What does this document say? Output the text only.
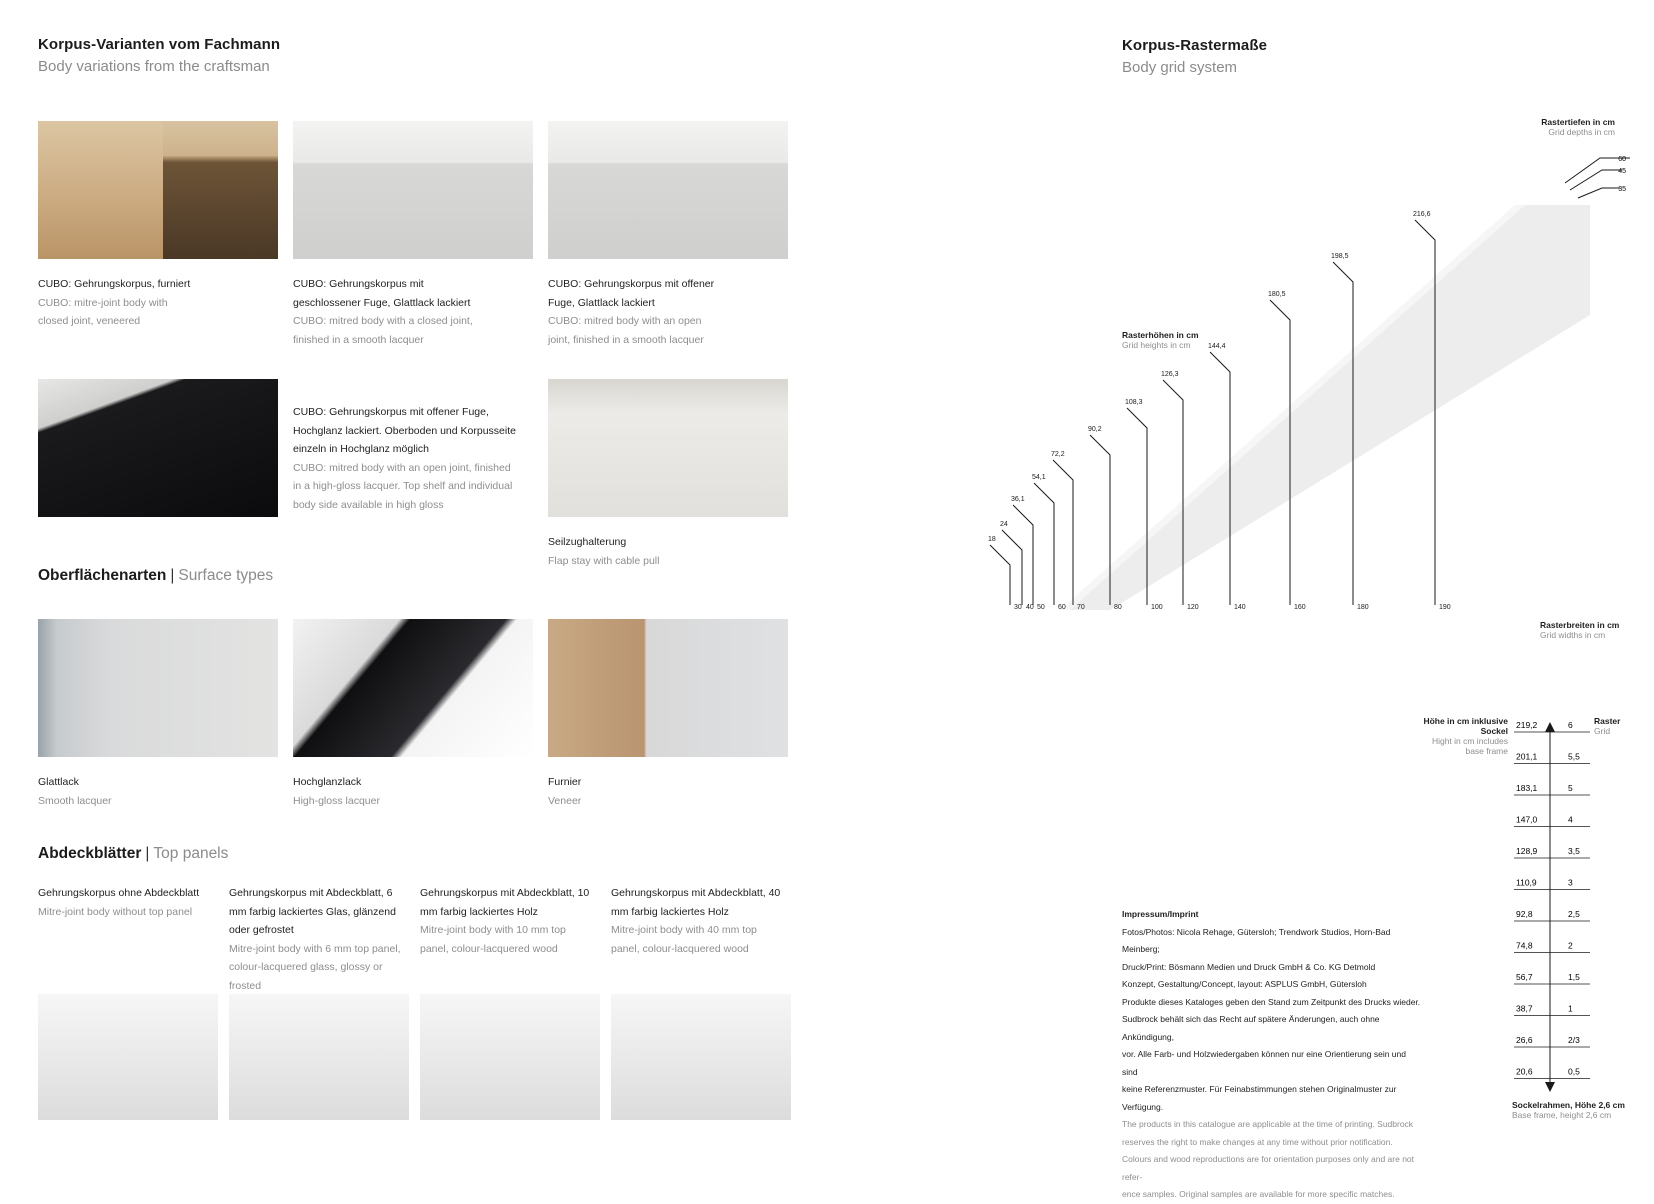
Korpus-Varianten vom Fachmann
Body variations from the craftsman
CUBO: Gehrungskorpus, furniert
CUBO: mitre-joint body with closed joint, veneered
CUBO: Gehrungskorpus mit geschlossener Fuge, Glattlack lackiert
CUBO: mitred body with a closed joint, finished in a smooth lacquer
CUBO: Gehrungskorpus mit offener Fuge, Glattlack lackiert
CUBO: mitred body with an open joint, finished in a smooth lacquer
CUBO: Gehrungskorpus mit offener Fuge, Hochglanz lackiert. Oberboden und Korpusseite einzeln in Hochglanz möglich
CUBO: mitred body with an open joint, finished in a high-gloss lacquer. Top shelf and individual body side available in high gloss
Seilzughalterung
Flap stay with cable pull
Oberflächenarten | Surface types
Glattlack
Smooth lacquer
Hochglanzlack
High-gloss lacquer
Furnier
Veneer
Abdeckblätter | Top panels
Gehrungskorpus ohne Abdeckblatt
Mitre-joint body without top panel
Gehrungskorpus mit Abdeckblatt, 6 mm farbig lackiertes Glas, glänzend oder gefrostet
Mitre-joint body with 6 mm top panel, colour-lacquered glass, glossy or frosted
Gehrungskorpus mit Abdeckblatt, 10 mm farbig lackiertes Holz
Mitre-joint body with 10 mm top panel, colour-lacquered wood
Gehrungskorpus mit Abdeckblatt, 40 mm farbig lackiertes Holz
Mitre-joint body with 40 mm top panel, colour-lacquered wood
Korpus-Rastermaße
Body grid system
18
30
24
40
36,1
50
54,1
60
72,2
70
90,2
80
108,3
100
126,3
120
144,4
140
180,5
160
198,5
180
216,6
190
60
45
35
Rastertiefen in cm
Grid depths in cm
Rasterhöhen in cm
Grid heights in cm
Rasterbreiten in cm
Grid widths in cm
Höhe in cm inklusive Sockel
Hight in cm includes base frame
Raster
Grid
219,2	6
201,1	5,5
183,1	5
147,0	4
128,9	3,5
110,9	3
92,8	2,5
74,8	2
56,7	1,5
38,7	1
26,6	2/3
20,6	0,5
Sockelrahmen, Höhe 2,6 cm
Base frame, height 2,6 cm
Impressum/Imprint
Fotos/Photos: Nicola Rehage, Gütersloh; Trendwork Studios, Horn-Bad Meinberg;
Druck/Print: Bösmann Medien und Druck GmbH & Co. KG Detmold
Konzept, Gestaltung/Concept, layout: ASPLUS GmbH, Gütersloh
Produkte dieses Kataloges geben den Stand zum Zeitpunkt des Drucks wieder.
Sudbrock behält sich das Recht auf spätere Änderungen, auch ohne Ankündigung,
vor. Alle Farb- und Holzwiedergaben können nur eine Orientierung sein und sind
keine Referenzmuster. Für Feinabstimmungen stehen Originalmuster zur Verfügung.
The products in this catalogue are applicable at the time of printing. Sudbrock
reserves the right to make changes at any time without prior notification.
Colours and wood reproductions are for orientation purposes only and are not refer-
ence samples. Original samples are available for more specific matches.
